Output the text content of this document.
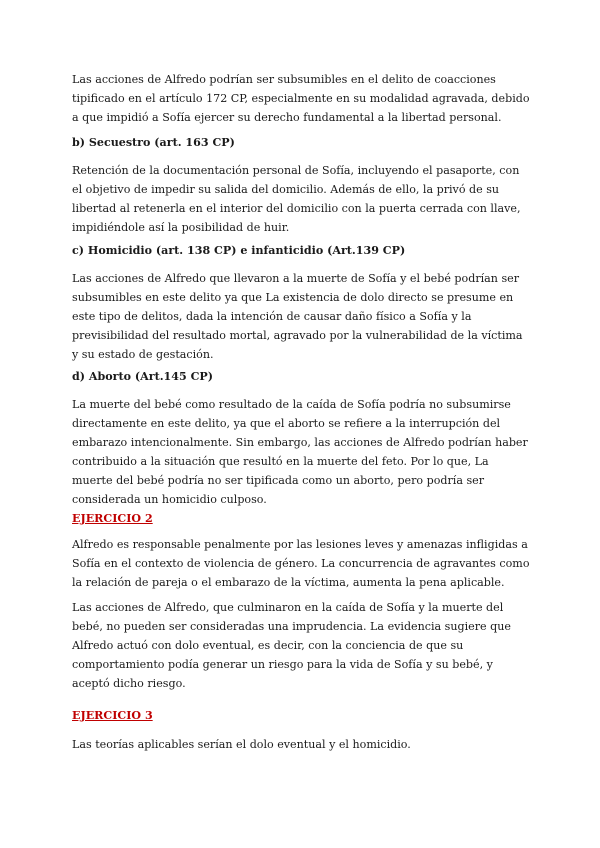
Las acciones de Alfredo podrían ser subsumibles en el delito de coacciones tipificado en el artículo 172 CP, especialmente en su modalidad agravada, debido a que impidió a Sofía ejercer su derecho fundamental a la libertad personal.

b) Secuestro (art. 163 CP)

Retención de la documentación personal de Sofía, incluyendo el pasaporte, con el objetivo de impedir su salida del domicilio. Además de ello, la privó de su libertad al retenerla en el interior del domicilio con la puerta cerrada con llave, impidiéndole así la posibilidad de huir.

c) Homicidio (art. 138 CP) e infanticidio (Art.139 CP)

Las acciones de Alfredo que llevaron a la muerte de Sofía y el bebé podrían ser subsumibles en este delito ya que La existencia de dolo directo se presume en este tipo de delitos, dada la intención de causar daño físico a Sofía y la previsibilidad del resultado mortal, agravado por la vulnerabilidad de la víctima y su estado de gestación.

d) Aborto (Art.145 CP)

La muerte del bebé como resultado de la caída de Sofía podría no subsumirse directamente en este delito, ya que el aborto se refiere a la interrupción del embarazo intencionalmente. Sin embargo, las acciones de Alfredo podrían haber contribuido a la situación que resultó en la muerte del feto. Por lo que, La muerte del bebé podría no ser tipificada como un aborto, pero podría ser considerada un homicidio culposo.

EJERCICIO 2

Alfredo es responsable penalmente por las lesiones leves y amenazas infligidas a Sofía en el contexto de violencia de género. La concurrencia de agravantes como la relación de pareja o el embarazo de la víctima, aumenta la pena aplicable.

Las acciones de Alfredo, que culminaron en la caída de Sofía y la muerte del bebé, no pueden ser consideradas una imprudencia. La evidencia sugiere que Alfredo actuó con dolo eventual, es decir, con la conciencia de que su comportamiento podía generar un riesgo para la vida de Sofía y su bebé, y aceptó dicho riesgo.

EJERCICIO 3

Las teorías aplicables serían el dolo eventual y el homicidio.
